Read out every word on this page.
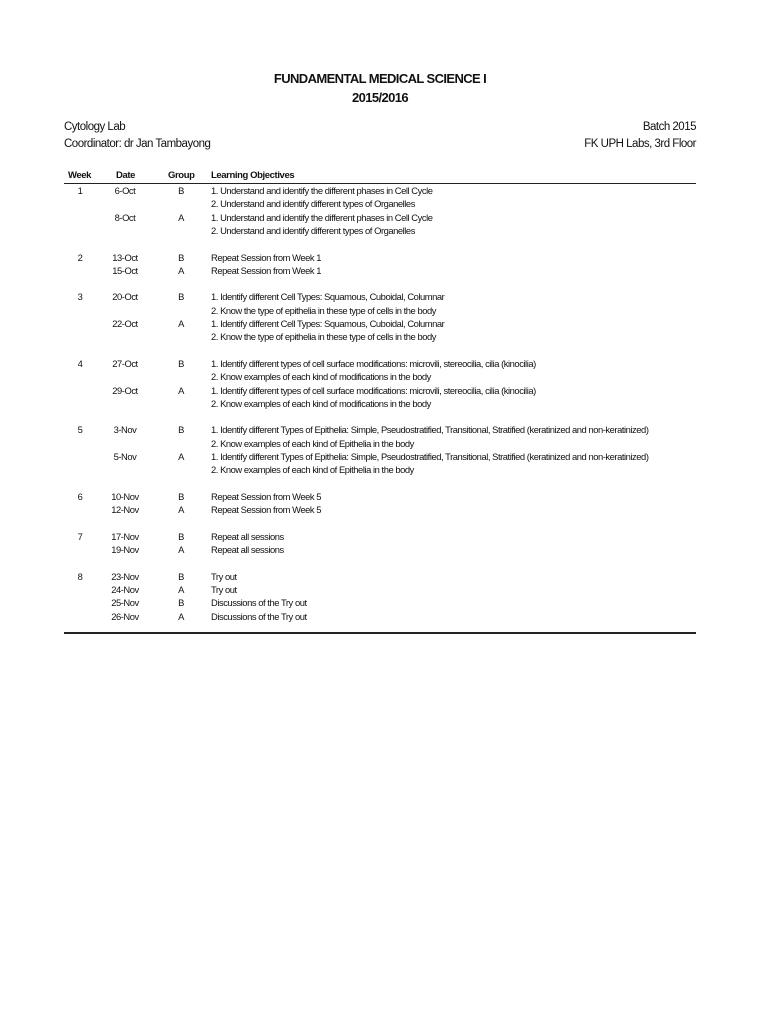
FUNDAMENTAL MEDICAL SCIENCE I
2015/2016
Cytology Lab
Coordinator: dr Jan Tambayong
Batch 2015
FK UPH Labs, 3rd Floor
Week	Date	Group Learning Objectives
1	6-Oct	B	1. Understand and identify the different phases in Cell Cycle
2. Understand and identify different types of Organelles
8-Oct	A	1. Understand and identify the different phases in Cell Cycle
2. Understand and identify different types of Organelles
2	13-Oct	B	Repeat Session from Week 1
15-Oct	A	Repeat Session from Week 1
3	20-Oct	B	1. Identify different Cell Types: Squamous, Cuboidal, Columnar
2. Know the type of epithelia in these type of cells in the body
22-Oct	A	1. Identify different Cell Types: Squamous, Cuboidal, Columnar
2. Know the type of epithelia in these type of cells in the body
4	27-Oct	B	1. Identify different types of cell surface modifications: microvili, stereocilia, cilia (kinocilia)
2. Know examples of each kind of modifications in the body
29-Oct	A	1. Identify different types of cell surface modifications: microvili, stereocilia, cilia (kinocilia)
2. Know examples of each kind of modifications in the body
5	3-Nov	B	1. Identify different Types of Epithelia: Simple, Pseudostratified, Transitional, Stratified (keratinized and non-keratinized)
2. Know examples of each kind of Epithelia in the body
5-Nov	A	1. Identify different Types of Epithelia: Simple, Pseudostratified, Transitional, Stratified (keratinized and non-keratinized)
2. Know examples of each kind of Epithelia in the body
6	10-Nov	B	Repeat Session from Week 5
12-Nov	A	Repeat Session from Week 5
7	17-Nov	B	Repeat all sessions
19-Nov	A	Repeat all sessions
8	23-Nov	B	Try out
24-Nov	A	Try out
25-Nov	B	Discussions of the Try out
26-Nov	A	Discussions of the Try out
